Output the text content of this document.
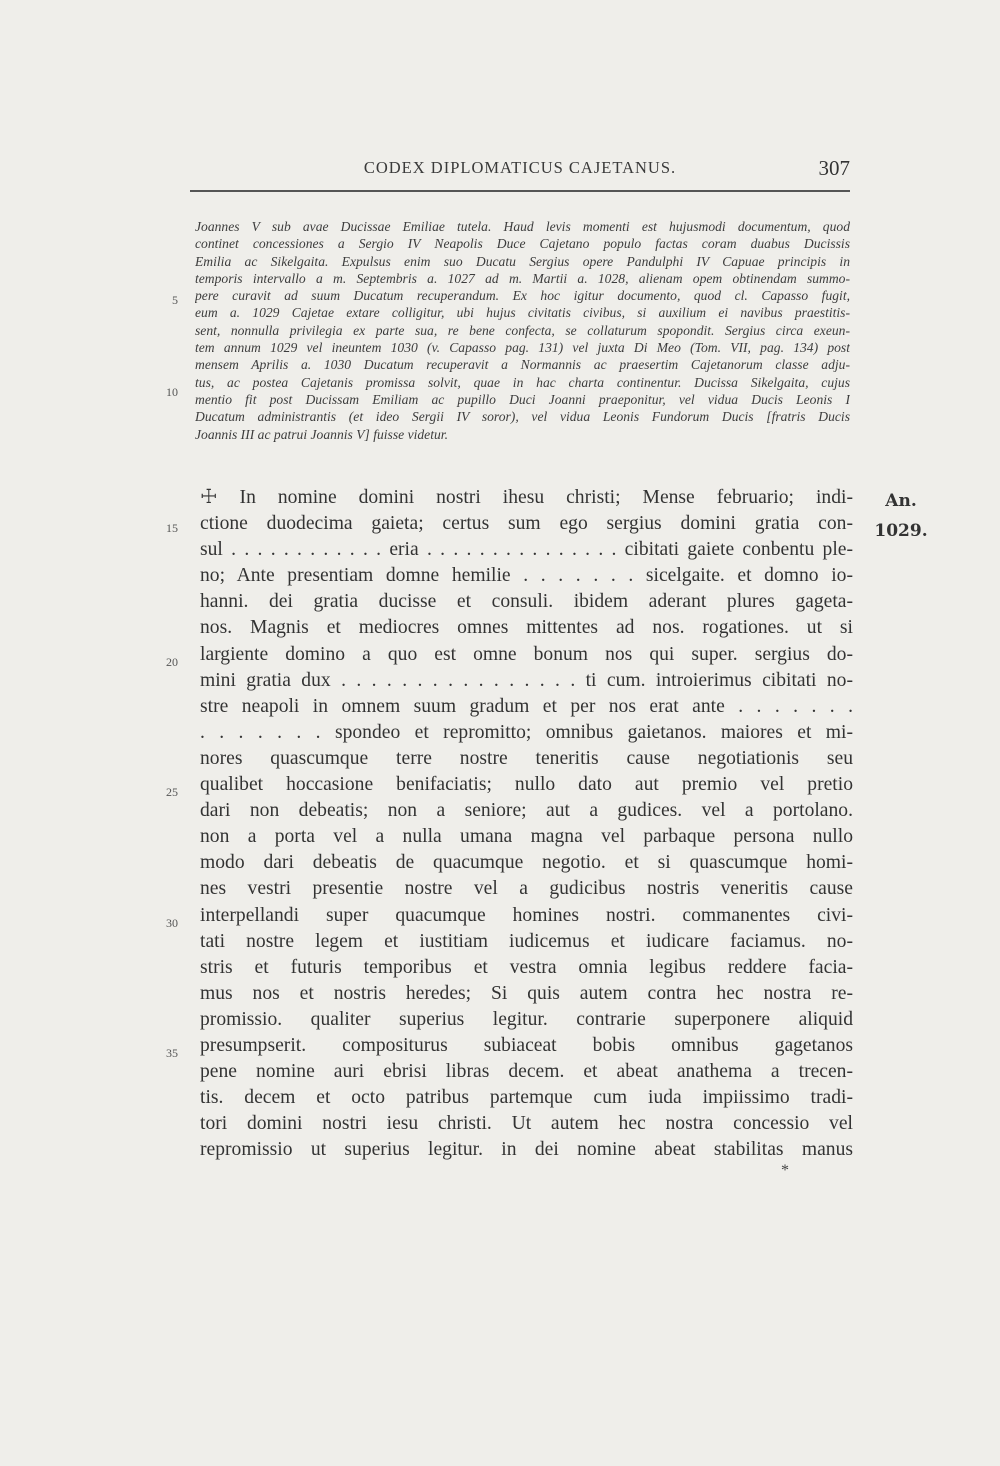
CODEX DIPLOMATICUS CAJETANUS.	307
Joannes V sub avae Ducissae Emiliae tutela. Haud levis momenti est hujusmodi documentum, quod
continet concessiones a Sergio IV Neapolis Duce Cajetano populo factas coram duabus Ducissis
Emilia ac Sikelgaita. Expulsus enim suo Ducatu Sergius opere Pandulphi IV Capuae principis in
temporis intervallo a m. Septembris a. 1027 ad m. Martii a. 1028, alienam opem obtinendam summo-
pere curavit ad suum Ducatum recuperandum. Ex hoc igitur documento, quod cl. Capasso fugit,
eum a. 1029 Cajetae extare colligitur, ubi hujus civitatis civibus, si auxilium ei navibus praestitis-
sent, nonnulla privilegia ex parte sua, re bene confecta, se collaturum spopondit. Sergius circa exeun-
tem annum 1029 vel ineuntem 1030 (v. Capasso pag. 131) vel juxta Di Meo (Tom. VII, pag. 134) post
mensem Aprilis a. 1030 Ducatum recuperavit a Normannis ac praesertim Cajetanorum classe adju-
tus, ac postea Cajetanis promissa solvit, quae in hac charta continentur. Ducissa Sikelgaita, cujus
mentio fit post Ducissam Emiliam ac pupillo Duci Joanni praeponitur, vel vidua Ducis Leonis I
Ducatum administrantis (et ideo Sergii IV soror), vel vidua Leonis Fundorum Ducis [fratris Ducis
Joannis III ac patrui Joannis V] fuisse videtur.
5
10
☩ In nomine domini nostri ihesu christi; Mense februario; indi-
ctione duodecima gaieta; certus sum ego sergius domini gratia con-
sul . . . . . . . . . . . . eria . . . . . . . . . . . . . . . cibitati gaiete conbentu ple-
no; Ante presentiam domne hemilie . . . . . . . sicelgaite. et domno io-
hanni. dei gratia ducisse et consuli. ibidem aderant plures gageta-
nos. Magnis et mediocres omnes mittentes ad nos. rogationes. ut si
largiente domino a quo est omne bonum nos qui super. sergius do-
mini gratia dux . . . . . . . . . . . . . . . . ti cum. introierimus cibitati no-
stre neapoli in omnem suum gradum et per nos erat ante . . . . . . .
. . . . . . . spondeo et repromitto; omnibus gaietanos. maiores et mi-
nores quascumque terre nostre teneritis cause negotiationis seu
qualibet hoccasione benifaciatis; nullo dato aut premio vel pretio
dari non debeatis; non a seniore; aut a gudices. vel a portolano.
non a porta vel a nulla umana magna vel parbaque persona nullo
modo dari debeatis de quacumque negotio. et si quascumque homi-
nes vestri presentie nostre vel a gudicibus nostris veneritis cause
interpellandi super quacumque homines nostri. commanentes civi-
tati nostre legem et iustitiam iudicemus et iudicare faciamus. no-
stris et futuris temporibus et vestra omnia legibus reddere facia-
mus nos et nostris heredes; Si quis autem contra hec nostra re-
promissio. qualiter superius legitur. contrarie superponere aliquid
presumpserit. compositurus subiaceat bobis omnibus gagetanos
pene nomine auri ebrisi libras decem. et abeat anathema a trecen-
tis. decem et octo patribus partemque cum iuda impiissimo tradi-
tori domini nostri iesu christi. Ut autem hec nostra concessio vel
repromissio ut superius legitur. in dei nomine abeat stabilitas manus
15
20
25
30
35
An.
1029.
*
